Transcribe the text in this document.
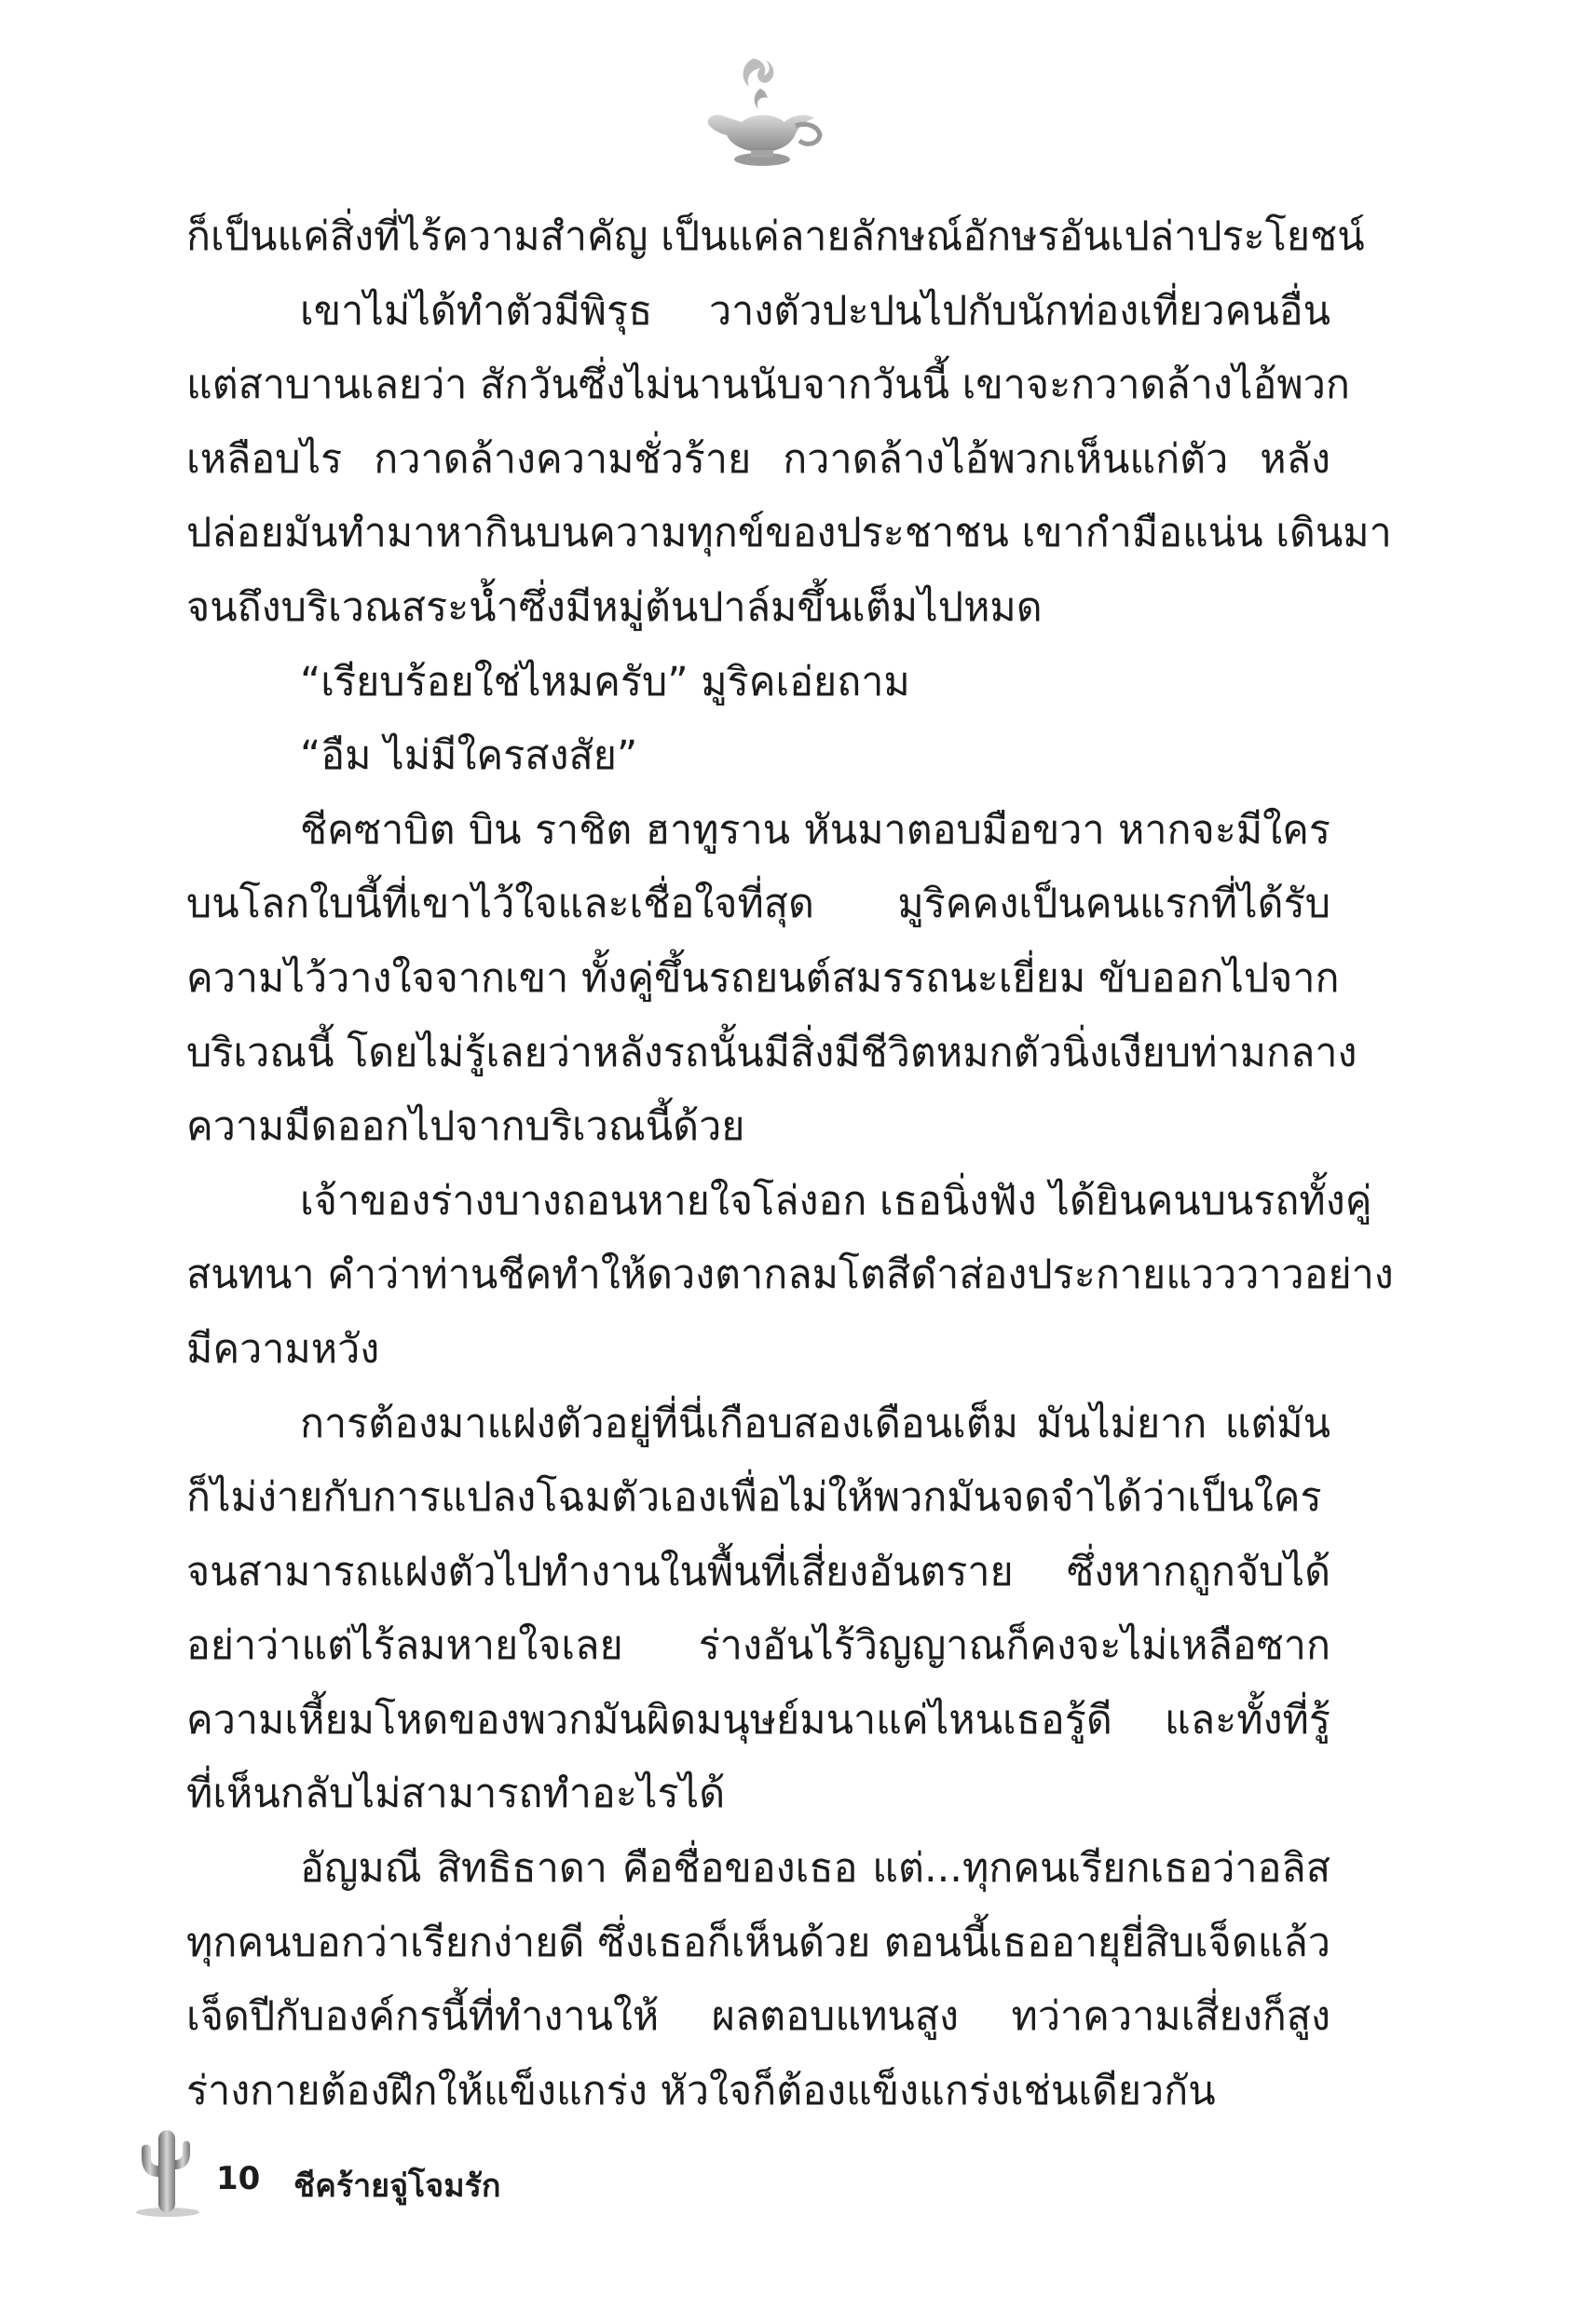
ก็เป็นแค่สิ่งที่ไร้ความสำคัญ เป็นแค่ลายลักษณ์อักษรอันเปล่าประโยชน์
เขาไม่ได้ทำตัวมีพิรุธ วางตัวปะปนไปกับนักท่องเที่ยวคนอื่น
แต่สาบานเลยว่า สักวันซึ่งไม่นานนับจากวันนี้ เขาจะกวาดล้างไอ้พวก
เหลือบไร กวาดล้างความชั่วร้าย กวาดล้างไอ้พวกเห็นแก่ตัว หลัง
ปล่อยมันทำมาหากินบนความทุกข์ของประชาชน เขากำมือแน่น เดินมา
จนถึงบริเวณสระน้ำซึ่งมีหมู่ต้นปาล์มขึ้นเต็มไปหมด
“เรียบร้อยใช่ไหมครับ” มูริคเอ่ยถาม
“อืม ไม่มีใครสงสัย”
ชีคซาบิต บิน ราชิต ฮาทูราน หันมาตอบมือขวา หากจะมีใคร
บนโลกใบนี้ที่เขาไว้ใจและเชื่อใจที่สุด มูริคคงเป็นคนแรกที่ได้รับ
ความไว้วางใจจากเขา ทั้งคู่ขึ้นรถยนต์สมรรถนะเยี่ยม ขับออกไปจาก
บริเวณนี้ โดยไม่รู้เลยว่าหลังรถนั้นมีสิ่งมีชีวิตหมกตัวนิ่งเงียบท่ามกลาง
ความมืดออกไปจากบริเวณนี้ด้วย
เจ้าของร่างบางถอนหายใจโล่งอก เธอนิ่งฟัง ได้ยินคนบนรถทั้งคู่
สนทนา คำว่าท่านชีคทำให้ดวงตากลมโตสีดำส่องประกายแวววาวอย่าง
มีความหวัง
การต้องมาแฝงตัวอยู่ที่นี่เกือบสองเดือนเต็ม มันไม่ยาก แต่มัน
ก็ไม่ง่ายกับการแปลงโฉมตัวเองเพื่อไม่ให้พวกมันจดจำได้ว่าเป็นใคร
จนสามารถแฝงตัวไปทำงานในพื้นที่เสี่ยงอันตราย ซึ่งหากถูกจับได้
อย่าว่าแต่ไร้ลมหายใจเลย ร่างอันไร้วิญญาณก็คงจะไม่เหลือซาก
ความเหี้ยมโหดของพวกมันผิดมนุษย์มนาแค่ไหนเธอรู้ดี และทั้งที่รู้
ที่เห็นกลับไม่สามารถทำอะไรได้
อัญมณี สิทธิธาดา คือชื่อของเธอ แต่...ทุกคนเรียกเธอว่าอลิส
ทุกคนบอกว่าเรียกง่ายดี ซึ่งเธอก็เห็นด้วย ตอนนี้เธออายุยี่สิบเจ็ดแล้ว
เจ็ดปีกับองค์กรนี้ที่ทำงานให้ ผลตอบแทนสูง ทว่าความเสี่ยงก็สูง
ร่างกายต้องฝึกให้แข็งแกร่ง หัวใจก็ต้องแข็งแกร่งเช่นเดียวกัน
10 ชีคร้ายจู่โจมรัก
